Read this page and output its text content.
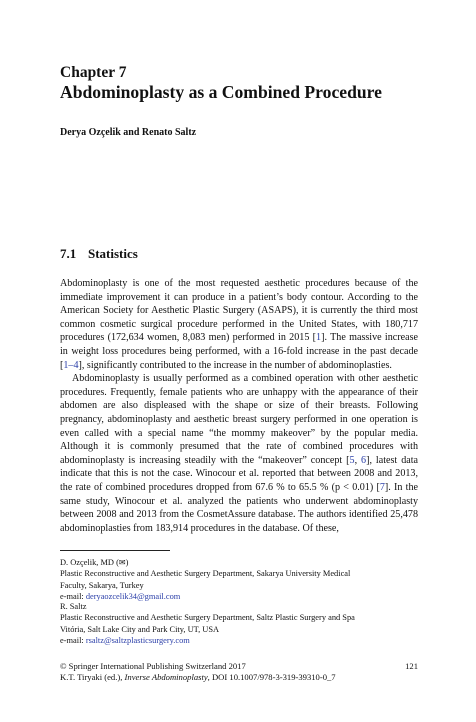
Chapter 7
Abdominoplasty as a Combined Procedure
Derya Ozçelik and Renato Saltz
7.1 Statistics

Abdominoplasty is one of the most requested aesthetic procedures because of the immediate improvement it can produce in a patient’s body contour. According to the American Society for Aesthetic Plastic Surgery (ASAPS), it is currently the third most common cosmetic surgical procedure performed in the United States, with 180,717 procedures (172,634 women, 8,083 men) performed in 2015 [1]. The massive increase in weight loss procedures being performed, with a 16-fold increase in the past decade [1–4], significantly contributed to the increase in the number of abdominoplasties.

Abdominoplasty is usually performed as a combined operation with other aesthetic procedures. Frequently, female patients who are unhappy with the appearance of their abdomen are also displeased with the shape or size of their breasts. Following pregnancy, abdominoplasty and aesthetic breast surgery performed in one operation is even called with a special name “the mommy makeover” by the popular media. Although it is commonly presumed that the rate of combined procedures with abdominoplasty is increasing steadily with the “makeover” concept [5, 6], latest data indicate that this is not the case. Winocour et al. reported that between 2008 and 2013, the rate of combined procedures dropped from 67.6 % to 65.5 % (p < 0.01) [7]. In the same study, Winocour et al. analyzed the patients who underwent abdominoplasty between 2008 and 2013 from the CosmetAssure database. The authors identified 25,478 abdominoplasties from 183,914 procedures in the database. Of these,

D. Ozçelik, MD (✉)
Plastic Reconstructive and Aesthetic Surgery Department, Sakarya University Medical
Faculty, Sakarya, Turkey
e-mail: deryaozcelik34@gmail.com
R. Saltz
Plastic Reconstructive and Aesthetic Surgery Department, Saltz Plastic Surgery and Spa
Vitória, Salt Lake City and Park City, UT, USA
e-mail: rsaltz@saltzplasticsurgery.com
© Springer International Publishing Switzerland 2017	121
K.T. Tiryaki (ed.), Inverse Abdominoplasty, DOI 10.1007/978-3-319-39310-0_7
